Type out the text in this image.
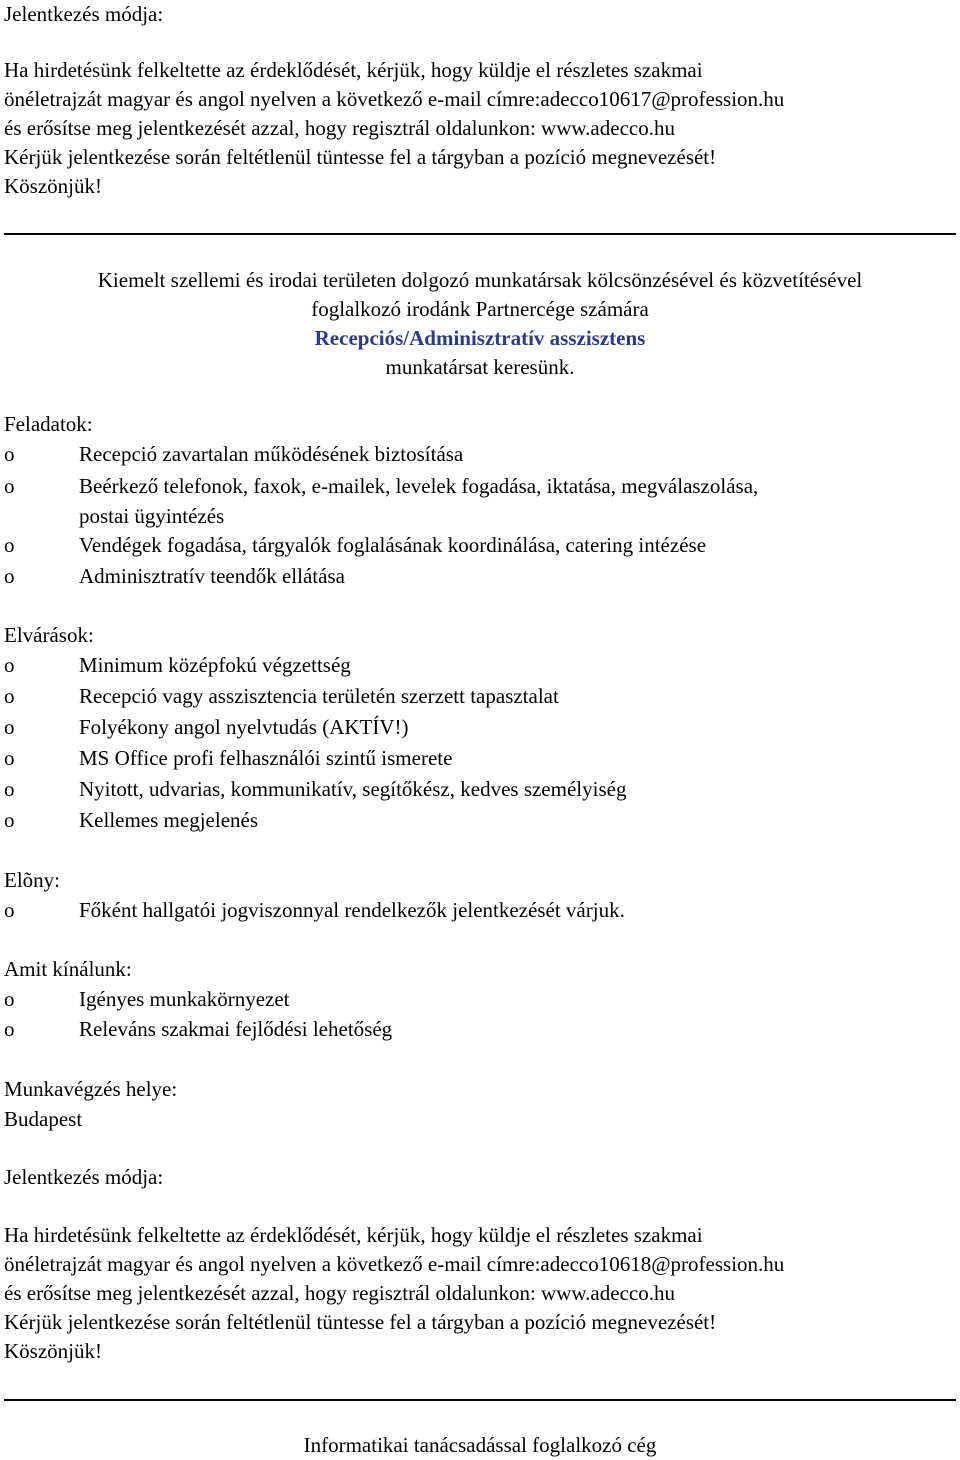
Jelentkezés módja:
Ha hirdetésünk felkeltette az érdeklődését, kérjük, hogy küldje el részletes szakmai
önéletrajzát magyar és angol nyelven a következő e-mail címre:adecco10617@profession.hu
és erősítse meg jelentkezését azzal, hogy regisztrál oldalunkon: www.adecco.hu
Kérjük jelentkezése során feltétlenül tüntesse fel a tárgyban a pozíció megnevezését!
Köszönjük!
Kiemelt szellemi és irodai területen dolgozó munkatársak kölcsönzésével és közvetítésével
foglalkozó irodánk Partnercége számára
Recepciós/Adminisztratív asszisztens
munkatársat keresünk.
Feladatok:
o	Recepció zavartalan működésének biztosítása
o	Beérkező telefonok, faxok, e-mailek, levelek fogadása, iktatása, megválaszolása,
postai ügyintézés
o	Vendégek fogadása, tárgyalók foglalásának koordinálása, catering intézése
o	Adminisztratív teendők ellátása
Elvárások:
o	Minimum középfokú végzettség
o	Recepció vagy asszisztencia területén szerzett tapasztalat
o	Folyékony angol nyelvtudás (AKTÍV!)
o	MS Office profi felhasználói szintű ismerete
o	Nyitott, udvarias, kommunikatív, segítőkész, kedves személyiség
o	Kellemes megjelenés
Elõny:
o	Főként hallgatói jogviszonnyal rendelkezők jelentkezését várjuk.
Amit kínálunk:
o	Igényes munkakörnyezet
o	Releváns szakmai fejlődési lehetőség
Munkavégzés helye:
Budapest
Jelentkezés módja:
Ha hirdetésünk felkeltette az érdeklődését, kérjük, hogy küldje el részletes szakmai
önéletrajzát magyar és angol nyelven a következő e-mail címre:adecco10618@profession.hu
és erősítse meg jelentkezését azzal, hogy regisztrál oldalunkon: www.adecco.hu
Kérjük jelentkezése során feltétlenül tüntesse fel a tárgyban a pozíció megnevezését!
Köszönjük!
Informatikai tanácsadással foglalkozó cég
